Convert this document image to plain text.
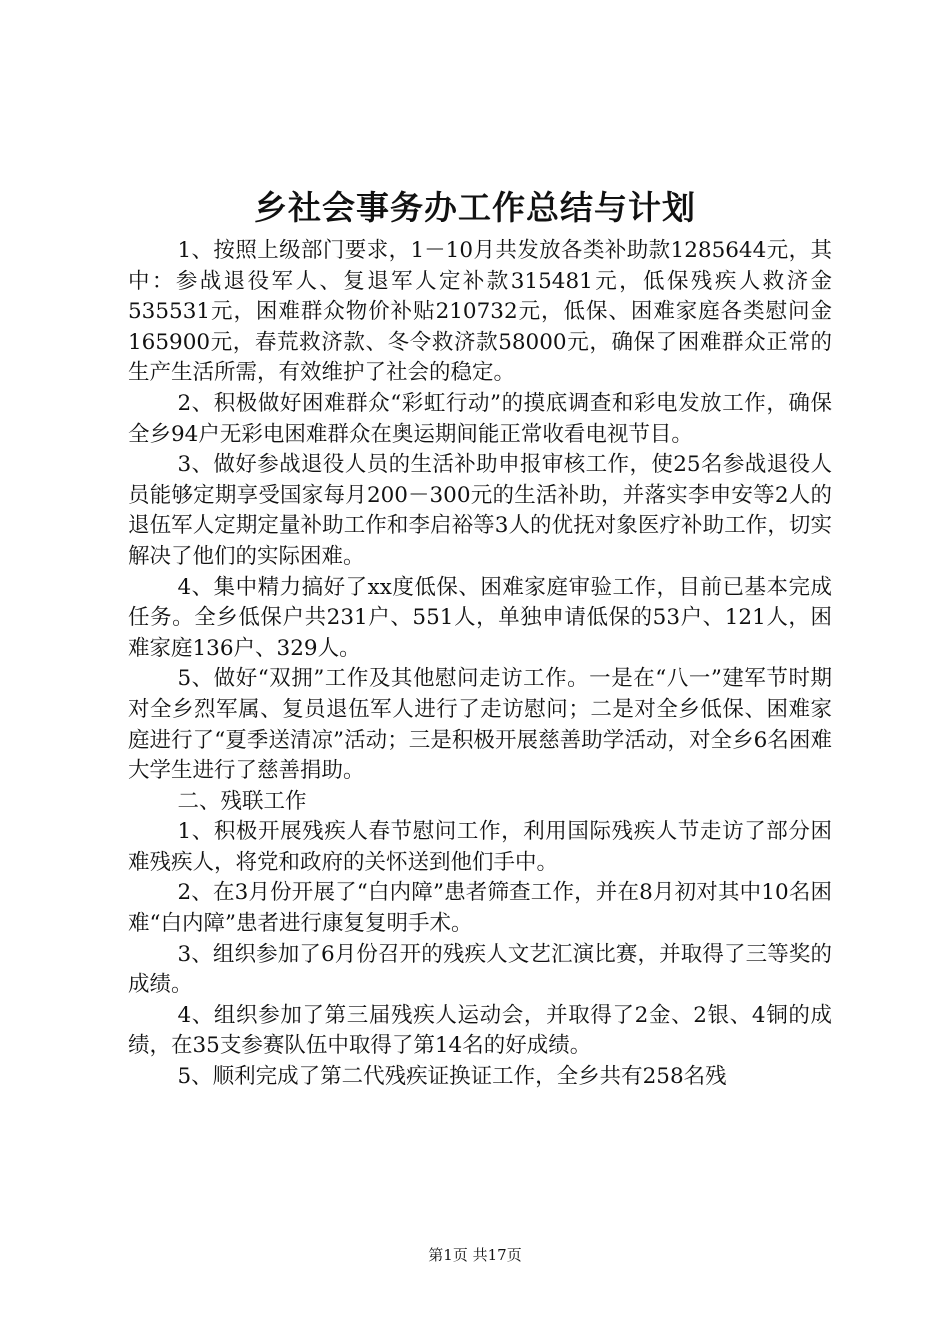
乡社会事务办工作总结与计划

1、按照上级部门要求，1－10月共发放各类补助款1285644元，其中：参战退役军人、复退军人定补款315481元，低保残疾人救济金535531元，困难群众物价补贴210732元，低保、困难家庭各类慰问金165900元，春荒救济款、冬令救济款58000元，确保了困难群众正常的生产生活所需，有效维护了社会的稳定。

2、积极做好困难群众“彩虹行动”的摸底调查和彩电发放工作，确保全乡94户无彩电困难群众在奥运期间能正常收看电视节目。

3、做好参战退役人员的生活补助申报审核工作，使25名参战退役人员能够定期享受国家每月200－300元的生活补助，并落实李申安等2人的退伍军人定期定量补助工作和李启裕等3人的优抚对象医疗补助工作，切实解决了他们的实际困难。

4、集中精力搞好了xx度低保、困难家庭审验工作，目前已基本完成任务。全乡低保户共231户、551人，单独申请低保的53户、121人，困难家庭136户、329人。

5、做好“双拥”工作及其他慰问走访工作。一是在“八一”建军节时期对全乡烈军属、复员退伍军人进行了走访慰问；二是对全乡低保、困难家庭进行了“夏季送清凉”活动；三是积极开展慈善助学活动，对全乡6名困难大学生进行了慈善捐助。

二、残联工作

1、积极开展残疾人春节慰问工作，利用国际残疾人节走访了部分困难残疾人，将党和政府的关怀送到他们手中。

2、在3月份开展了“白内障”患者筛查工作，并在8月初对其中10名困难“白内障”患者进行康复复明手术。

3、组织参加了6月份召开的残疾人文艺汇演比赛，并取得了三等奖的成绩。

4、组织参加了第三届残疾人运动会，并取得了2金、2银、4铜的成绩，在35支参赛队伍中取得了第14名的好成绩。

5、顺利完成了第二代残疾证换证工作，全乡共有258名残

第1页 共17页
